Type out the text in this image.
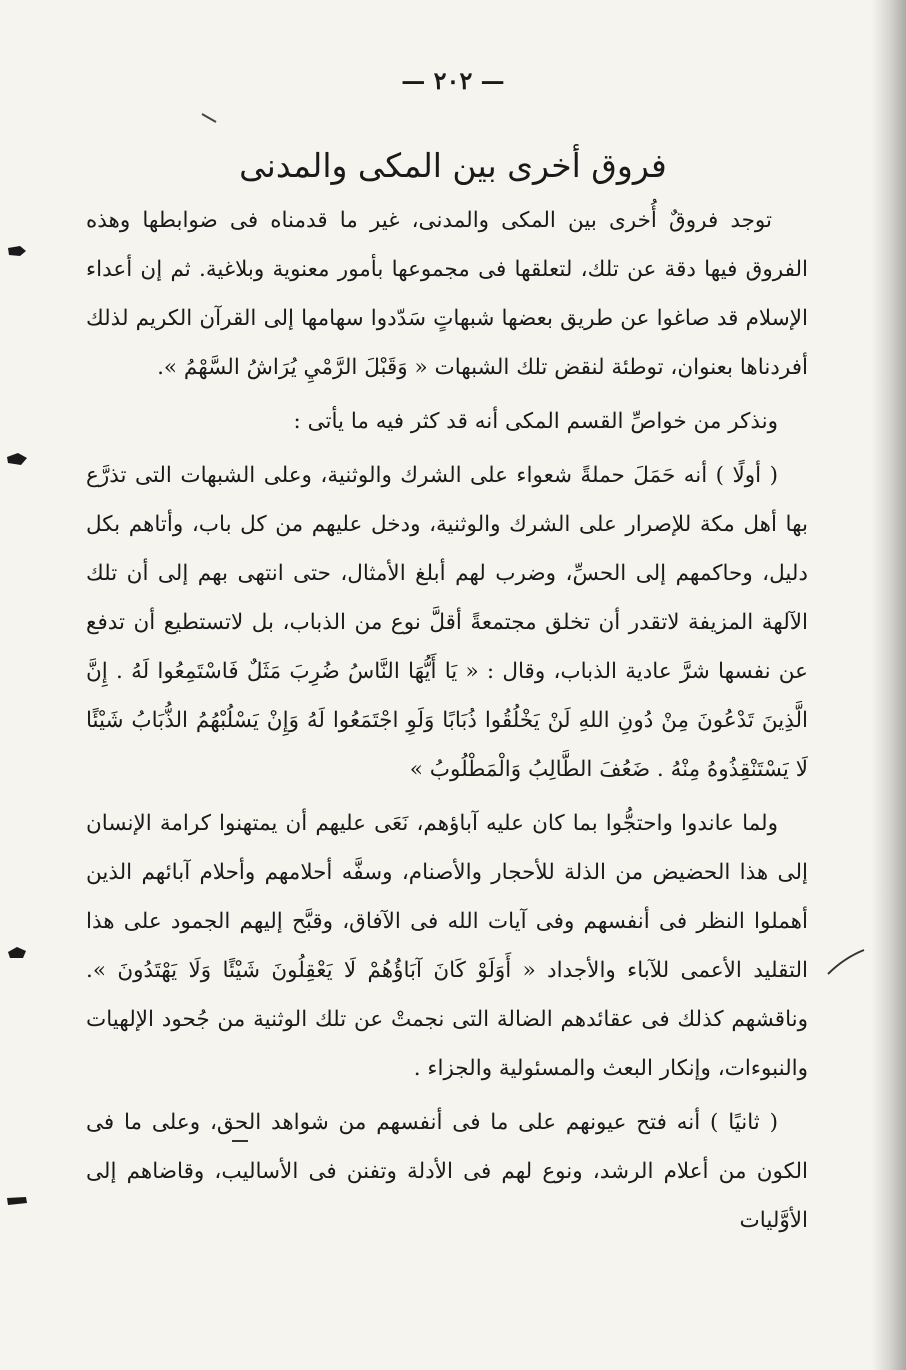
— ٢٠٢ —
فروق أخرى بين المكى والمدنى

توجد فروقٌ أُخرى بين المكى والمدنى، غير ما قدمناه فى ضوابطها وهذه الفروق فيها دقة عن تلك، لتعلقها فى مجموعها بأمور معنوية وبلاغية. ثم إن أعداء الإسلام قد صاغوا عن طريق بعضها شبهاتٍ سَدّدوا سهامها إلى القرآن الكريم لذلك أفردناها بعنوان، توطئة لنقض تلك الشبهات « وَقَبْلَ الرَّمْيِ يُرَاشُ السَّهْمُ ».

ونذكر من خواصِّ القسم المكى أنه قد كثر فيه ما يأتى :

( أولًا ) أنه حَمَلَ حملةً شعواء على الشرك والوثنية، وعلى الشبهات التى تذرَّع بها أهل مكة للإصرار على الشرك والوثنية، ودخل عليهم من كل باب، وأتاهم بكل دليل، وحاكمهم إلى الحسِّ، وضرب لهم أبلغ الأمثال، حتى انتهى بهم إلى أن تلك الآلهة المزيفة لاتقدر أن تخلق مجتمعةً أقلَّ نوع من الذباب، بل لاتستطيع أن تدفع عن نفسها شرَّ عادية الذباب، وقال : « يَا أَيُّهَا النَّاسُ ضُرِبَ مَثَلٌ فَاسْتَمِعُوا لَهُ . إِنَّ الَّذِينَ تَدْعُونَ مِنْ دُونِ اللهِ لَنْ يَخْلُقُوا ذُبَابًا وَلَوِ اجْتَمَعُوا لَهُ وَإِنْ يَسْلُبْهُمُ الذُّبَابُ شَيْئًا لَا يَسْتَنْقِذُوهُ مِنْهُ . ضَعُفَ الطَّالِبُ وَالْمَطْلُوبُ »

ولما عاندوا واحتجُّوا بما كان عليه آباؤهم، نَعَى عليهم أن يمتهنوا كرامة الإنسان إلى هذا الحضيض من الذلة للأحجار والأصنام، وسفَّه أحلامهم وأحلام آبائهم الذين أهملوا النظر فى أنفسهم وفى آيات الله فى الآفاق، وقبَّح إليهم الجمود على هذا التقليد الأعمى للآباء والأجداد « أَوَلَوْ كَانَ آبَاؤُهُمْ لَا يَعْقِلُونَ شَيْئًا وَلَا يَهْتَدُونَ ». وناقشهم كذلك فى عقائدهم الضالة التى نجمتْ عن تلك الوثنية من جُحود الإلهيات والنبوءات، وإنكار البعث والمسئولية والجزاء .

( ثانيًا ) أنه فتح عيونهم على ما فى أنفسهم من شواهد الحق، وعلى ما فى الكون من أعلام الرشد، ونوع لهم فى الأدلة وتفنن فى الأساليب، وقاضاهم إلى الأوَّليات
